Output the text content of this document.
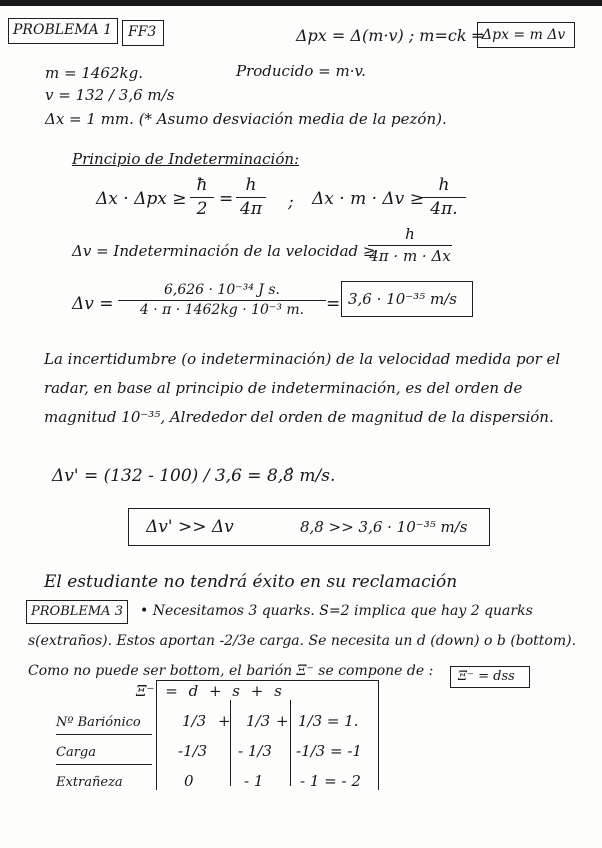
PROBLEMA 1 FF3	Δpx = Δ(m·v) ; m=ck ⇒
Δpx = m Δv
m = 1462kg.	Producido = m·v.
v = 132 / 3,6 m/s
Δx = 1 mm. (* Asumo desviación media de la pezón).
Principio de Indeterminación:
Δx · Δpx ≥
ħ
2 =
h
4π ; Δx · m · Δv ≥
h
4π.
Δv = Indeterminación de la velocidad ≥
h
4π · m · Δx
Δv =
6,626 · 10⁻³⁴ J s.
4 · π · 1462kg · 10⁻³ m.	= 3,6 · 10⁻³⁵ m/s
La incertidumbre (o indeterminación) de la velocidad medida por el radar, en base al principio de indeterminación, es del orden de magnitud 10⁻³⁵, Alrededor del orden de magnitud de la dispersión.
Δv' = (132 - 100) / 3,6 = 8,8̂ m/s.
Δv' >> Δv	8,8 >> 3,6 · 10⁻³⁵ m/s
El estudiante no tendrá éxito en su reclamación
PROBLEMA 3	• Necesitamos 3 quarks. S=2 implica que hay 2 quarks s(extraños). Estos aportan -2/3e carga. Se necesita un d (down) o b (bottom). Como no puede ser bottom, el barión Ξ⁻ se compone de :	Ξ⁻ = dss
Ξ⁻ = d + s + s
Nº Bariónico	1/3 + 1/3 + 1/3 = 1.
Carga	-1/3 - 1/3 -1/3 = -1
Extrañeza	0	- 1 - 1 = - 2
